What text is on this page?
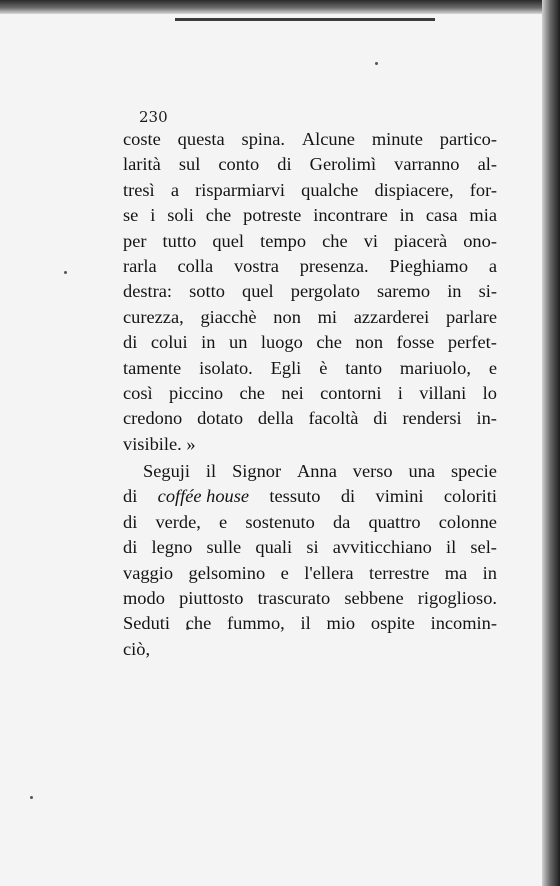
230
coste questa spina. Alcune minute partico-
larità sul conto di Gerolimì varranno al-
tresì a risparmiarvi qualche dispiacere, for-
se i soli che potreste incontrare in casa mia
per tutto quel tempo che vi piacerà ono-
rarla colla vostra presenza. Pieghiamo a
destra: sotto quel pergolato saremo in si-
curezza, giacchè non mi azzarderei parlare
di colui in un luogo che non fosse perfet-
tamente isolato. Egli è tanto mariuolo, e
così piccino che nei contorni i villani lo
credono dotato della facoltà di rendersi in-
visibile. »
Seguji il Signor Anna verso una specie
di coffée house tessuto di vimini coloriti
di verde, e sostenuto da quattro colonne
di legno sulle quali si avviticchiano il sel-
vaggio gelsomino e l'ellera terrestre ma in
modo piuttosto trascurato sebbene rigoglioso.
Seduti che fummo, il mio ospite incomin-
ciò,
